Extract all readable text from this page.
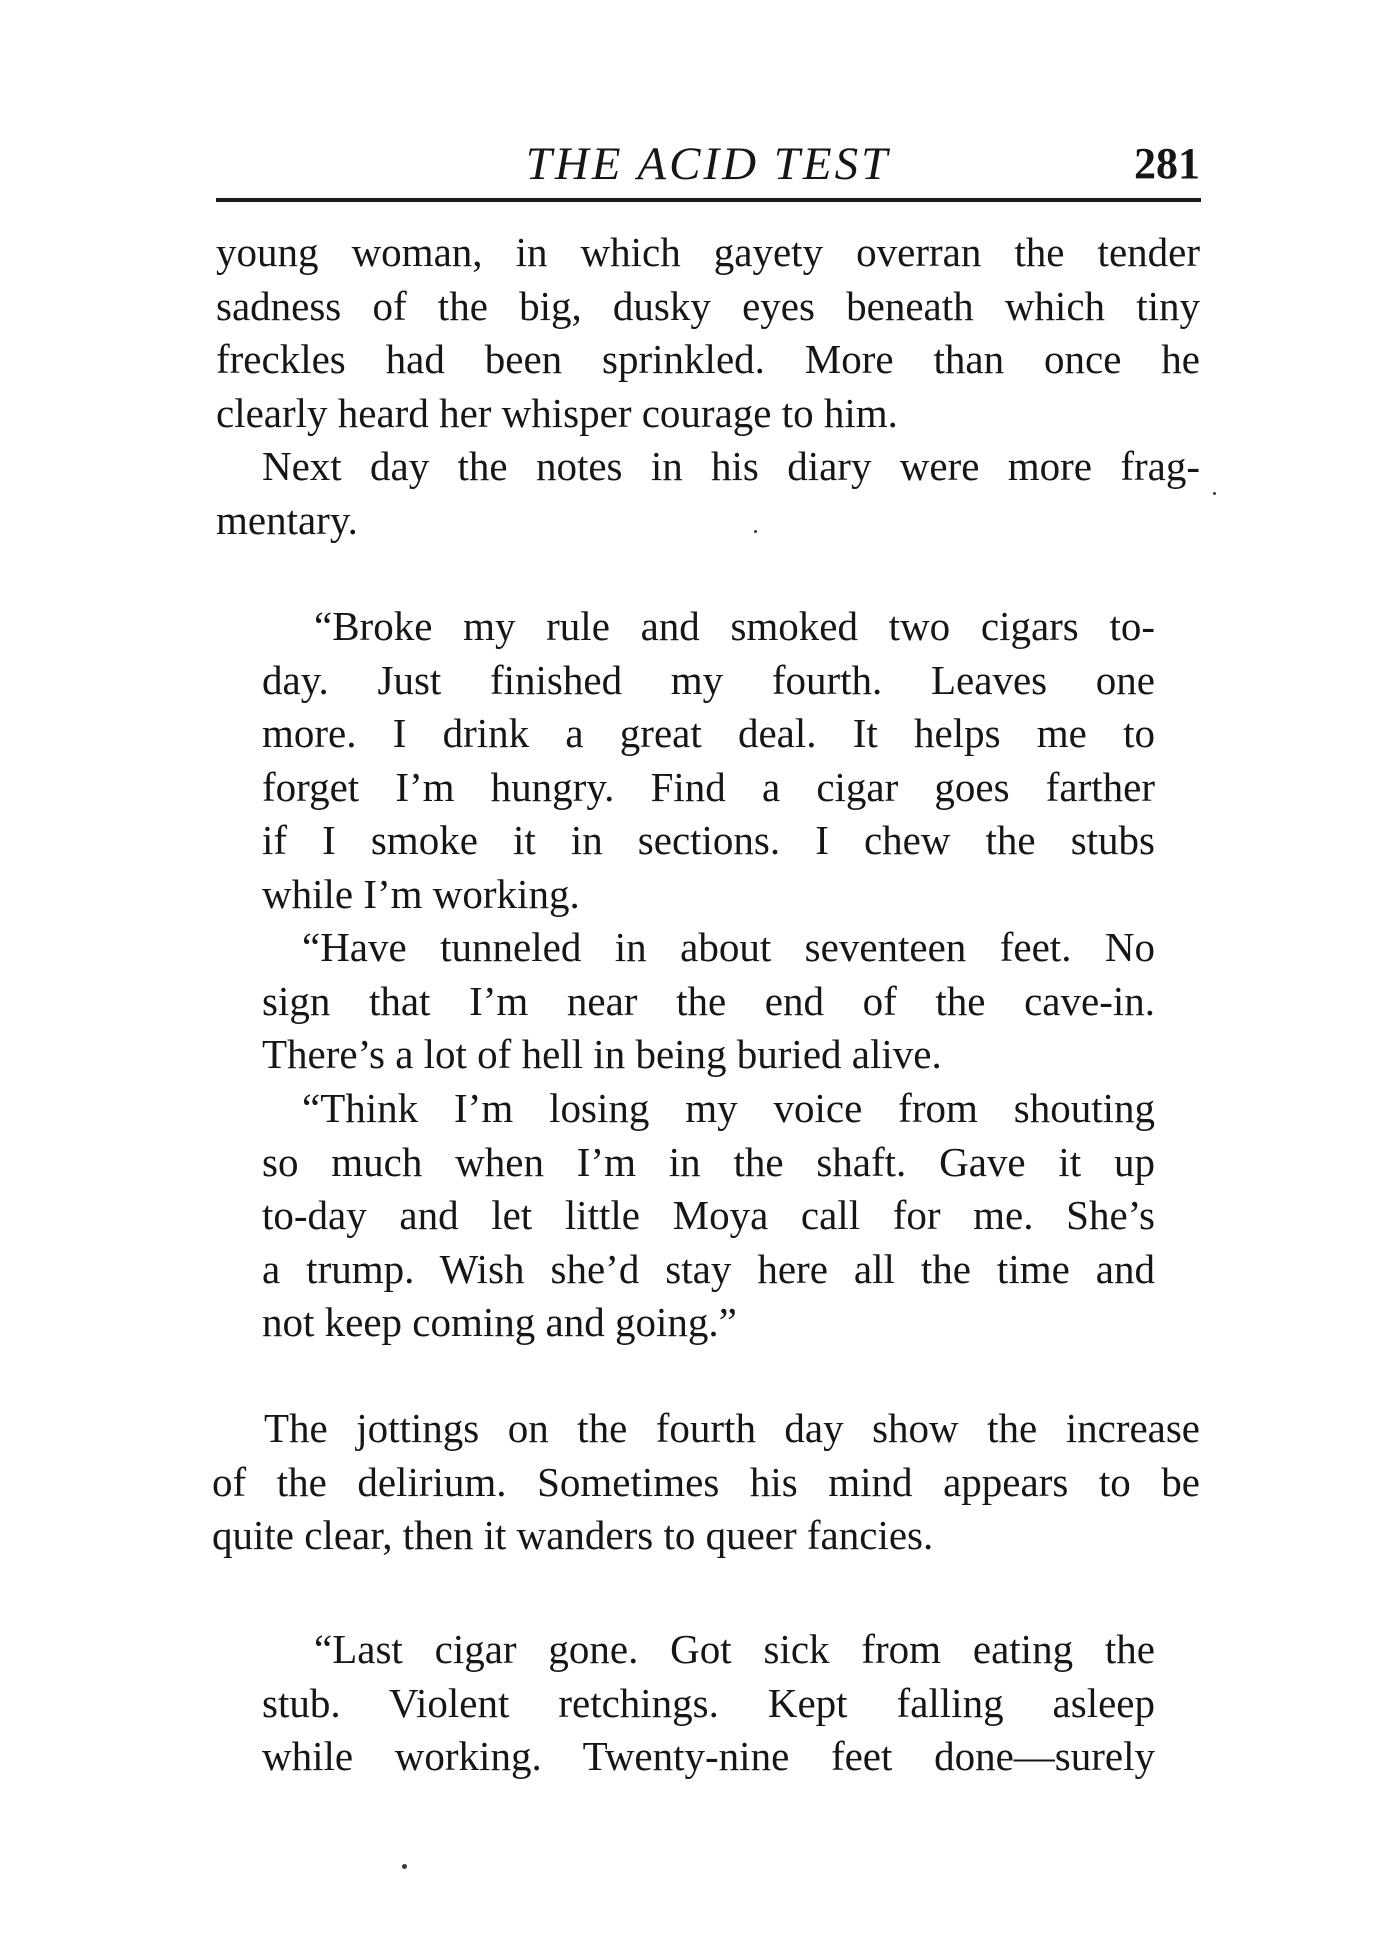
THE ACID TEST	281
young woman, in which gayety overran the tender
sadness of the big, dusky eyes beneath which tiny
freckles had been sprinkled. More than once he
clearly heard her whisper courage to him.
Next day the notes in his diary were more frag-
mentary.
“Broke my rule and smoked two cigars to-
day. Just finished my fourth. Leaves one
more. I drink a great deal. It helps me to
forget I’m hungry. Find a cigar goes farther
if I smoke it in sections. I chew the stubs
while I’m working.
“Have tunneled in about seventeen feet. No
sign that I’m near the end of the cave-in.
There’s a lot of hell in being buried alive.
“Think I’m losing my voice from shouting
so much when I’m in the shaft. Gave it up
to-day and let little Moya call for me. She’s
a trump. Wish she’d stay here all the time and
not keep coming and going.”
The jottings on the fourth day show the increase
of the delirium. Sometimes his mind appears to be
quite clear, then it wanders to queer fancies.
“Last cigar gone. Got sick from eating the
stub. Violent retchings. Kept falling asleep
while working. Twenty-nine feet done—surely
